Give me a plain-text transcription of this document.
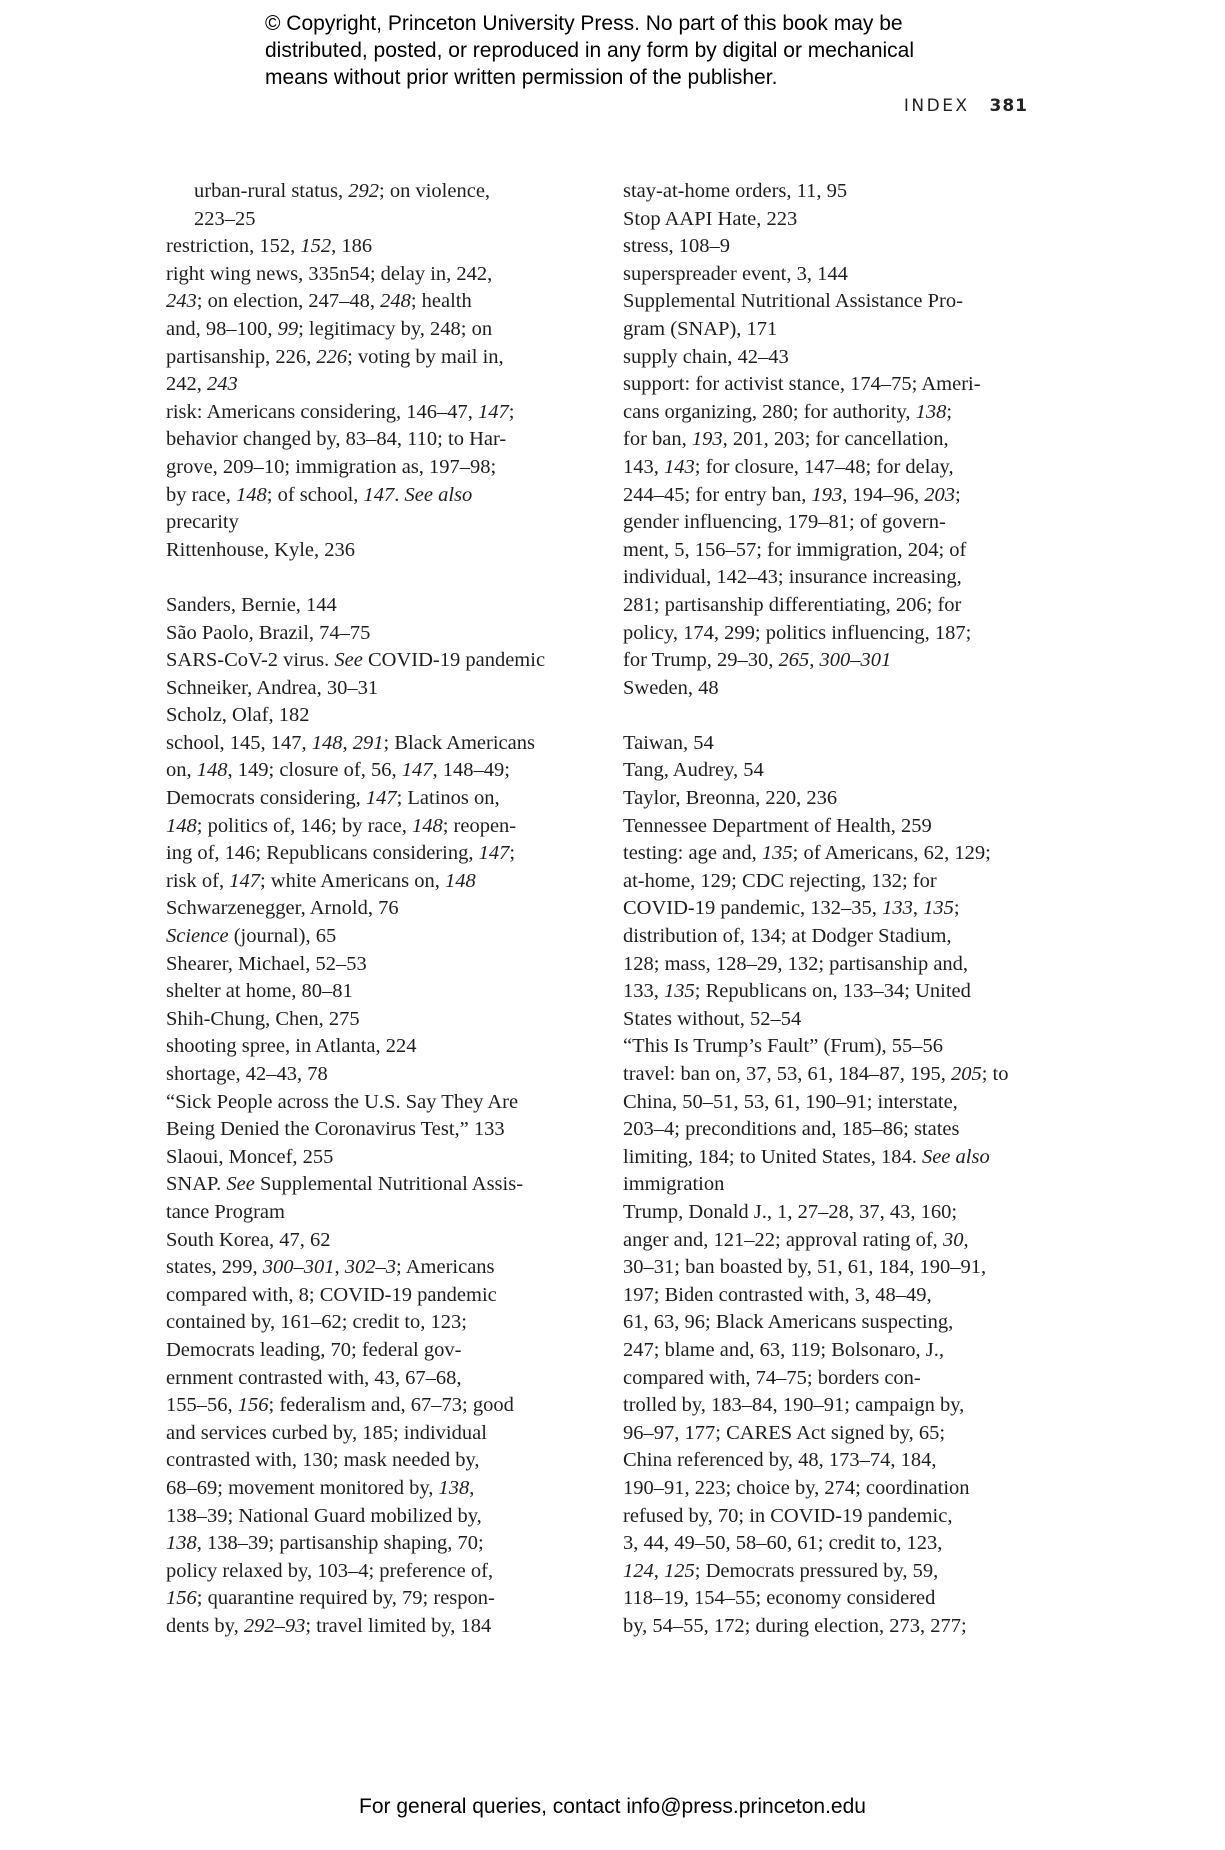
© Copyright, Princeton University Press. No part of this book may be
distributed, posted, or reproduced in any form by digital or mechanical
means without prior written permission of the publisher.
INDEX 381
urban-rural status, 292; on violence,
223–25
restriction, 152, 152, 186
right wing news, 335n54; delay in, 242,
243; on election, 247–48, 248; health
and, 98–100, 99; legitimacy by, 248; on
partisanship, 226, 226; voting by mail in,
242, 243
risk: Americans considering, 146–47, 147;
behavior changed by, 83–84, 110; to Har-
grove, 209–10; immigration as, 197–98;
by race, 148; of school, 147. See also
precarity
Rittenhouse, Kyle, 236
Sanders, Bernie, 144
São Paolo, Brazil, 74–75
SARS-CoV-2 virus. See COVID-19 pandemic
Schneiker, Andrea, 30–31
Scholz, Olaf, 182
school, 145, 147, 148, 291; Black Americans
on, 148, 149; closure of, 56, 147, 148–49;
Democrats considering, 147; Latinos on,
148; politics of, 146; by race, 148; reopen-
ing of, 146; Republicans considering, 147;
risk of, 147; white Americans on, 148
Schwarzenegger, Arnold, 76
Science (journal), 65
Shearer, Michael, 52–53
shelter at home, 80–81
Shih-Chung, Chen, 275
shooting spree, in Atlanta, 224
shortage, 42–43, 78
“Sick People across the U.S. Say They Are
Being Denied the Coronavirus Test,” 133
Slaoui, Moncef, 255
SNAP. See Supplemental Nutritional Assis-
tance Program
South Korea, 47, 62
states, 299, 300–301, 302–3; Americans
compared with, 8; COVID-19 pandemic
contained by, 161–62; credit to, 123;
Democrats leading, 70; federal gov-
ernment contrasted with, 43, 67–68,
155–56, 156; federalism and, 67–73; good
and services curbed by, 185; individual
contrasted with, 130; mask needed by,
68–69; movement monitored by, 138,
138–39; National Guard mobilized by,
138, 138–39; partisanship shaping, 70;
policy relaxed by, 103–4; preference of,
156; quarantine required by, 79; respon-
dents by, 292–93; travel limited by, 184
stay-at-home orders, 11, 95
Stop AAPI Hate, 223
stress, 108–9
superspreader event, 3, 144
Supplemental Nutritional Assistance Pro-
gram (SNAP), 171
supply chain, 42–43
support: for activist stance, 174–75; Ameri-
cans organizing, 280; for authority, 138;
for ban, 193, 201, 203; for cancellation,
143, 143; for closure, 147–48; for delay,
244–45; for entry ban, 193, 194–96, 203;
gender influencing, 179–81; of govern-
ment, 5, 156–57; for immigration, 204; of
individual, 142–43; insurance increasing,
281; partisanship differentiating, 206; for
policy, 174, 299; politics influencing, 187;
for Trump, 29–30, 265, 300–301
Sweden, 48
Taiwan, 54
Tang, Audrey, 54
Taylor, Breonna, 220, 236
Tennessee Department of Health, 259
testing: age and, 135; of Americans, 62, 129;
at-home, 129; CDC rejecting, 132; for
COVID-19 pandemic, 132–35, 133, 135;
distribution of, 134; at Dodger Stadium,
128; mass, 128–29, 132; partisanship and,
133, 135; Republicans on, 133–34; United
States without, 52–54
“This Is Trump’s Fault” (Frum), 55–56
travel: ban on, 37, 53, 61, 184–87, 195, 205; to
China, 50–51, 53, 61, 190–91; interstate,
203–4; preconditions and, 185–86; states
limiting, 184; to United States, 184. See also
immigration
Trump, Donald J., 1, 27–28, 37, 43, 160;
anger and, 121–22; approval rating of, 30,
30–31; ban boasted by, 51, 61, 184, 190–91,
197; Biden contrasted with, 3, 48–49,
61, 63, 96; Black Americans suspecting,
247; blame and, 63, 119; Bolsonaro, J.,
compared with, 74–75; borders con-
trolled by, 183–84, 190–91; campaign by,
96–97, 177; CARES Act signed by, 65;
China referenced by, 48, 173–74, 184,
190–91, 223; choice by, 274; coordination
refused by, 70; in COVID-19 pandemic,
3, 44, 49–50, 58–60, 61; credit to, 123,
124, 125; Democrats pressured by, 59,
118–19, 154–55; economy considered
by, 54–55, 172; during election, 273, 277;
For general queries, contact info@press.princeton.edu
